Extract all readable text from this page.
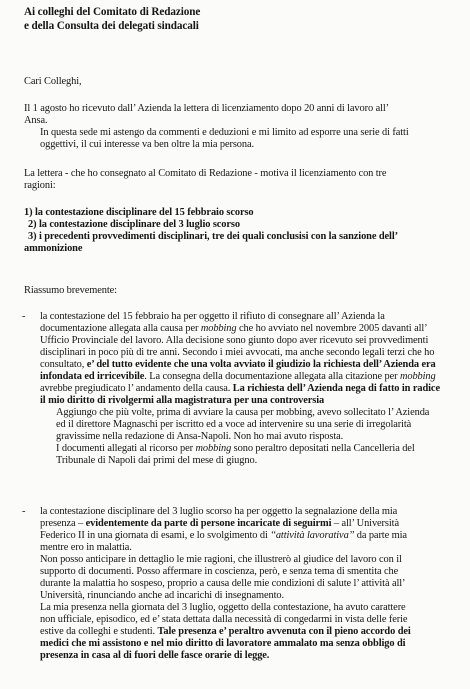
Ai colleghi del Comitato di Redazione
e della Consulta dei delegati sindacali
Cari Colleghi,
Il 1 agosto ho ricevuto dall’ Azienda la lettera di licenziamento dopo 20 anni di lavoro all’
Ansa.
In questa sede mi astengo da commenti e deduzioni e mi limito ad esporre una serie di fatti
oggettivi, il cui interesse va ben oltre la mia persona.
La lettera - che ho consegnato al Comitato di Redazione - motiva il licenziamento con tre
ragioni:
1) la contestazione disciplinare del 15 febbraio scorso
2) la contestazione disciplinare del 3 luglio scorso
3) i precedenti provvedimenti disciplinari, tre dei quali conclusisi con la sanzione dell’
ammonizione
Riassumo brevemente:
- la contestazione del 15 febbraio ha per oggetto il rifiuto di consegnare all’ Azienda la
documentazione allegata alla causa per mobbing che ho avviato nel novembre 2005 davanti all’
Ufficio Provinciale del lavoro. Alla decisione sono giunto dopo aver ricevuto sei provvedimenti
disciplinari in poco più di tre anni. Secondo i miei avvocati, ma anche secondo legali terzi che ho
consultato, e’ del tutto evidente che una volta avviato il giudizio la richiesta dell’ Azienda era
infondata ed irricevibile. La consegna della documentazione allegata alla citazione per mobbing
avrebbe pregiudicato l’ andamento della causa. La richiesta dell’ Azienda nega di fatto in radice
il mio diritto di rivolgermi alla magistratura per una controversia
Aggiungo che più volte, prima di avviare la causa per mobbing, avevo sollecitato l’ Azienda
ed il direttore Magnaschi per iscritto ed a voce ad intervenire su una serie di irregolarità
gravissime nella redazione di Ansa-Napoli. Non ho mai avuto risposta.
I documenti allegati al ricorso per mobbing sono peraltro depositati nella Cancelleria del
Tribunale di Napoli dai primi del mese di giugno.
- la contestazione disciplinare del 3 luglio scorso ha per oggetto la segnalazione della mia
presenza – evidentemente da parte di persone incaricate di seguirmi – all’ Università
Federico II in una giornata di esami, e lo svolgimento di ‘‘attività lavorativa’’ da parte mia
mentre ero in malattia.
Non posso anticipare in dettaglio le mie ragioni, che illustrerò al giudice del lavoro con il
supporto di documenti. Posso affermare in coscienza, però, e senza tema di smentita che
durante la malattia ho sospeso, proprio a causa delle mie condizioni di salute l’ attività all’
Università, rinunciando anche ad incarichi di insegnamento.
La mia presenza nella giornata del 3 luglio, oggetto della contestazione, ha avuto carattere
non ufficiale, episodico, ed e’ stata dettata dalla necessità di congedarmi in vista delle ferie
estive da colleghi e studenti. Tale presenza e’ peraltro avvenuta con il pieno accordo dei
medici che mi assistono e nel mio diritto di lavoratore ammalato ma senza obbligo di
presenza in casa al di fuori delle fasce orarie di legge.
